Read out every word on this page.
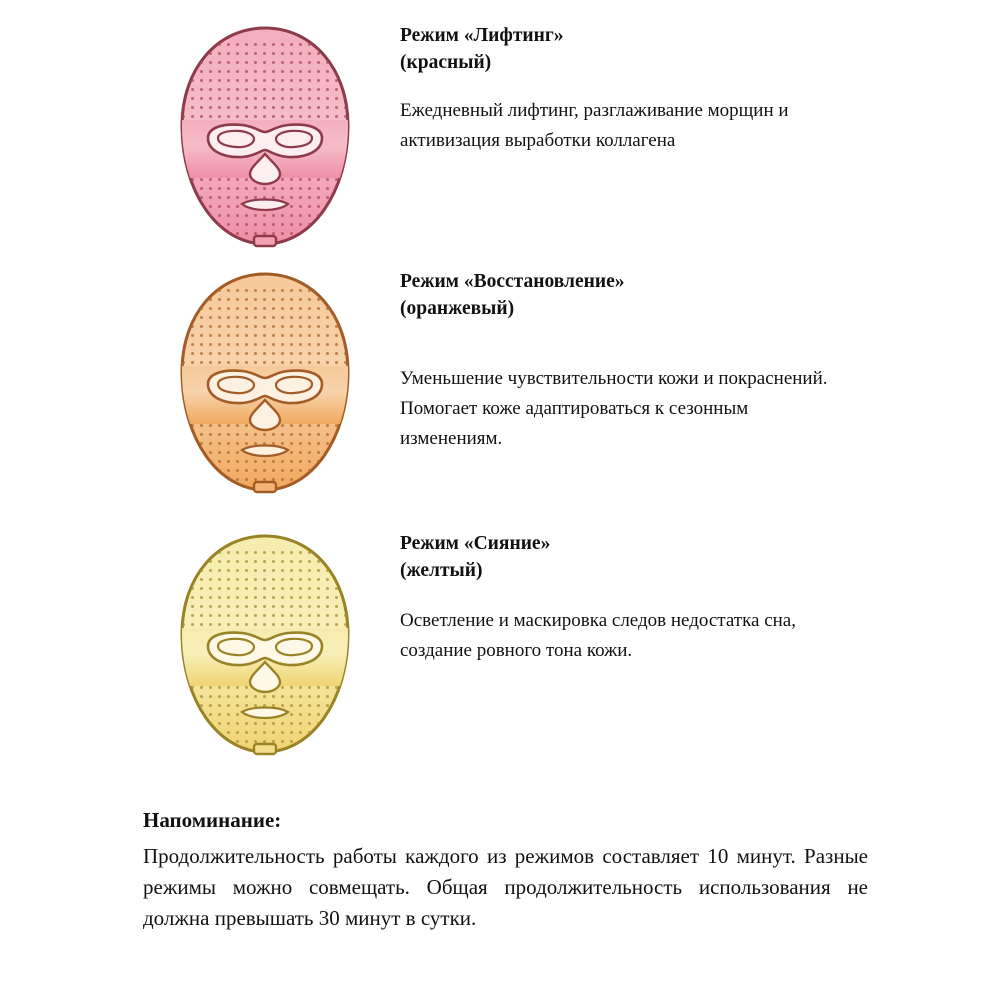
Режим «Лифтинг»
(красный)
Ежедневный лифтинг, разглаживание морщин и активизация выработки коллагена
Режим «Восстановление»
(оранжевый)
Уменьшение чувствительности кожи и покраснений. Помогает коже адаптироваться к сезонным изменениям.
Режим «Сияние»
(желтый)
Осветление и маскировка следов недостатка сна, создание ровного тона кожи.
Напоминание:
Продолжительность работы каждого из режимов составляет 10 минут. Разные режимы можно совмещать. Общая продолжительность использования не должна превышать 30 минут в сутки.
